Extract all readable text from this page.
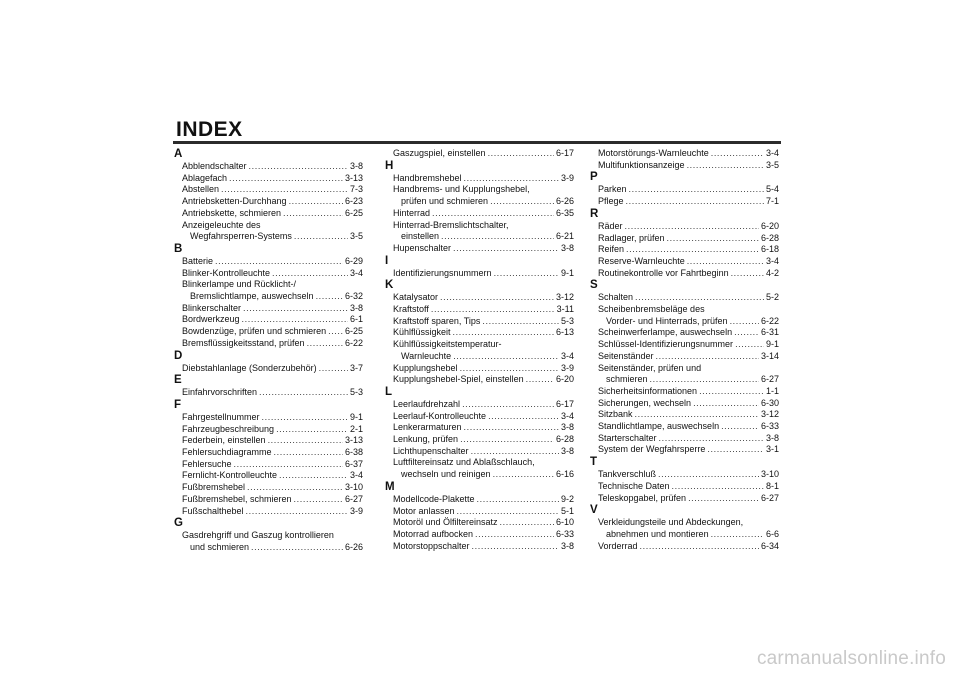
INDEX
A
Abblendschalter .....	3-8
Ablagefach .....	3-13
Abstellen .....	7-3
Antriebsketten-Durchhang .....	6-23
Antriebskette, schmieren .....	6-25
Anzeigeleuchte des
Wegfahrsperren-Systems .....	3-5
B
Batterie .....	6-29
Blinker-Kontrolleuchte .....	3-4
Blinkerlampe und Rücklicht-/
Bremslichtlampe, auswechseln .....	6-32
Blinkerschalter .....	3-8
Bordwerkzeug .....	6-1
Bowdenzüge, prüfen und schmieren ..... 6-25
Bremsflüssigkeitsstand, prüfen .....	6-22
D
Diebstahlanlage (Sonderzubehör) .....	3-7
E
Einfahrvorschriften .....	5-3
F
Fahrgestellnummer .....	9-1
Fahrzeugbeschreibung .....	2-1
Federbein, einstellen .....	3-13
Fehlersuchdiagramme .....	6-38
Fehlersuche .....	6-37
Fernlicht-Kontrolleuchte .....	3-4
Fußbremshebel .....	3-10
Fußbremshebel, schmieren .....	6-27
Fußschalthebel .....	3-9
G
Gasdrehgriff und Gaszug kontrollieren
und schmieren .....	6-26
Gaszugspiel, einstellen .....	6-17
H
Handbremshebel .....	3-9
Handbrems- und Kupplungshebel,
prüfen und schmieren .....	6-26
Hinterrad .....	6-35
Hinterrad-Bremslichtschalter,
einstellen .....	6-21
Hupenschalter .....	3-8
I
Identifizierungsnummern .....	9-1
K
Katalysator .....	3-12
Kraftstoff .....	3-11
Kraftstoff sparen, Tips .....	5-3
Kühlflüssigkeit .....	6-13
Kühlflüssigkeitstemperatur-
Warnleuchte .....	3-4
Kupplungshebel .....	3-9
Kupplungshebel-Spiel, einstellen .....	6-20
L
Leerlaufdrehzahl .....	6-17
Leerlauf-Kontrolleuchte .....	3-4
Lenkerarmaturen .....	3-8
Lenkung, prüfen .....	6-28
Lichthupenschalter .....	3-8
Luftfiltereinsatz und Ablaßschlauch,
wechseln und reinigen .....	6-16
M
Modellcode-Plakette .....	9-2
Motor anlassen .....	5-1
Motoröl und Ölfiltereinsatz .....	6-10
Motorrad aufbocken .....	6-33
Motorstoppschalter .....	3-8
Motorstörungs-Warnleuchte .....	3-4
Multifunktionsanzeige .....	3-5
P
Parken .....	5-4
Pflege .....	7-1
R
Räder .....	6-20
Radlager, prüfen .....	6-28
Reifen .....	6-18
Reserve-Warnleuchte .....	3-4
Routinekontrolle vor Fahrtbeginn .....	4-2
S
Schalten .....	5-2
Scheibenbremsbeläge des
Vorder- und Hinterrads, prüfen .....	6-22
Scheinwerferlampe, auswechseln .....	6-31
Schlüssel-Identifizierungsnummer .....	9-1
Seitenständer .....	3-14
Seitenständer, prüfen und
schmieren .....	6-27
Sicherheitsinformationen .....	1-1
Sicherungen, wechseln .....	6-30
Sitzbank .....	3-12
Standlichtlampe, auswechseln .....	6-33
Starterschalter .....	3-8
System der Wegfahrsperre .....	3-1
T
Tankverschluß .....	3-10
Technische Daten .....	8-1
Teleskopgabel, prüfen .....	6-27
V
Verkleidungsteile und Abdeckungen,
abnehmen und montieren .....	6-6
Vorderrad .....	6-34
carmanualsonline.info
